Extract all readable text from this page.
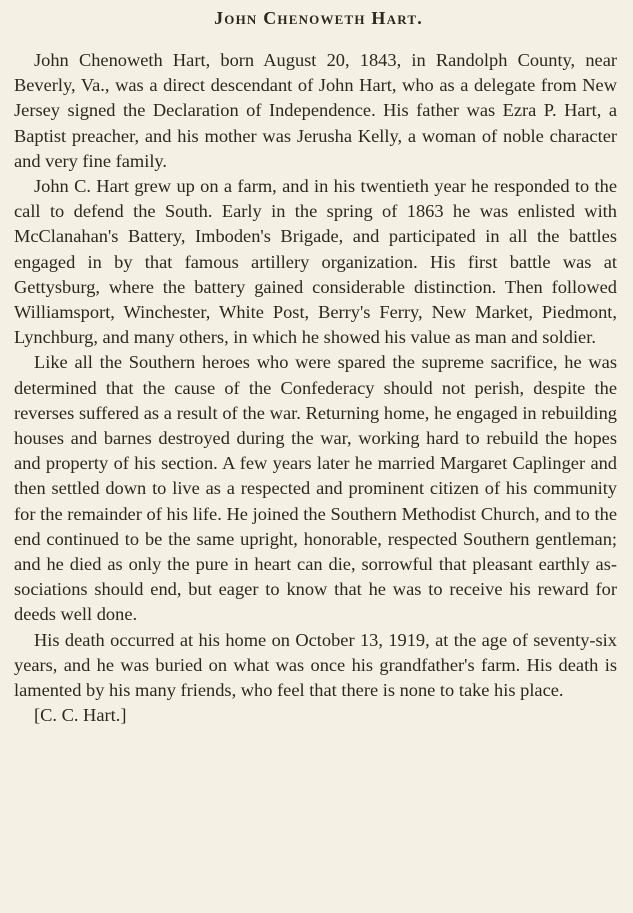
John Chenoweth Hart.

John Chenoweth Hart, born August 20, 1843, in Randolph County, near Beverly, Va., was a direct descendant of John Hart, who as a delegate from New Jersey signed the Declaration of Independence. His father was Ezra P. Hart, a Baptist preacher, and his mother was Jerusha Kelly, a woman of noble character and very fine family.

John C. Hart grew up on a farm, and in his twentieth year he responded to the call to defend the South. Early in the spring of 1863 he was enlisted with McClanahan's Battery, Imboden's Brigade, and participated in all the battles engaged in by that famous artillery organization. His first battle was at Gettysburg, where the battery gained considerable distinction. Then followed Williamsport, Winchester, White Post, Berry's Ferry, New Market, Piedmont, Lynchburg, and many others, in which he showed his value as man and soldier.

Like all the Southern heroes who were spared the supreme sacrifice, he was determined that the cause of the Confederacy should not perish, despite the reverses suffered as a result of the war. Returning home, he engaged in rebuilding houses and barnes destroyed during the war, working hard to rebuild the hopes and property of his section. A few years later he married Margaret Caplinger and then settled down to live as a respected and prominent citizen of his community for the remainder of his life. He joined the Southern Methodist Church, and to the end continued to be the same upright, honorable, respected Southern gentleman; and he died as only the pure in heart can die, sorrowful that pleasant earthly associations should end, but eager to know that he was to receive his reward for deeds well done.

His death occurred at his home on October 13, 1919, at the age of seventy-six years, and he was buried on what was once his grandfather's farm. His death is lamented by his many friends, who feel that there is none to take his place.

[C. C. Hart.]
